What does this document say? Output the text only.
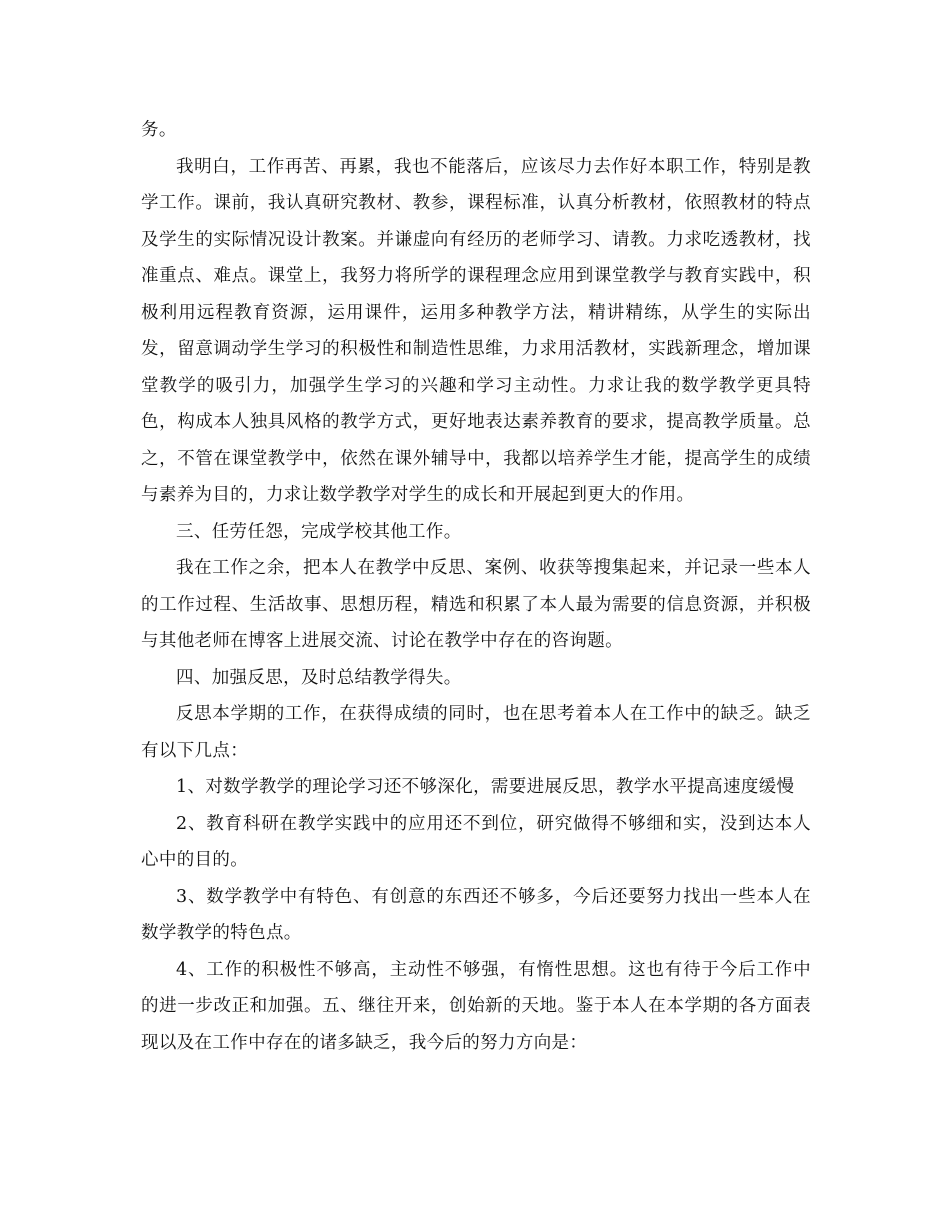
务。

我明白，工作再苦、再累，我也不能落后，应该尽力去作好本职工作，特别是教学工作。课前，我认真研究教材、教参，课程标准，认真分析教材，依照教材的特点及学生的实际情况设计教案。并谦虚向有经历的老师学习、请教。力求吃透教材，找准重点、难点。课堂上，我努力将所学的课程理念应用到课堂教学与教育实践中，积极利用远程教育资源，运用课件，运用多种教学方法，精讲精练，从学生的实际出发，留意调动学生学习的积极性和制造性思维，力求用活教材，实践新理念，增加课堂教学的吸引力，加强学生学习的兴趣和学习主动性。力求让我的数学教学更具特色，构成本人独具风格的教学方式，更好地表达素养教育的要求，提高教学质量。总之，不管在课堂教学中，依然在课外辅导中，我都以培养学生才能，提高学生的成绩与素养为目的，力求让数学教学对学生的成长和开展起到更大的作用。

三、任劳任怨，完成学校其他工作。

我在工作之余，把本人在教学中反思、案例、收获等搜集起来，并记录一些本人的工作过程、生活故事、思想历程，精选和积累了本人最为需要的信息资源，并积极与其他老师在博客上进展交流、讨论在教学中存在的咨询题。

四、加强反思，及时总结教学得失。

反思本学期的工作，在获得成绩的同时，也在思考着本人在工作中的缺乏。缺乏有以下几点：

1、对数学教学的理论学习还不够深化，需要进展反思，教学水平提高速度缓慢

2、教育科研在教学实践中的应用还不到位，研究做得不够细和实，没到达本人心中的目的。

3、数学教学中有特色、有创意的东西还不够多，今后还要努力找出一些本人在数学教学的特色点。

4、工作的积极性不够高，主动性不够强，有惰性思想。这也有待于今后工作中的进一步改正和加强。五、继往开来，创始新的天地。鉴于本人在本学期的各方面表现以及在工作中存在的诸多缺乏，我今后的努力方向是：
